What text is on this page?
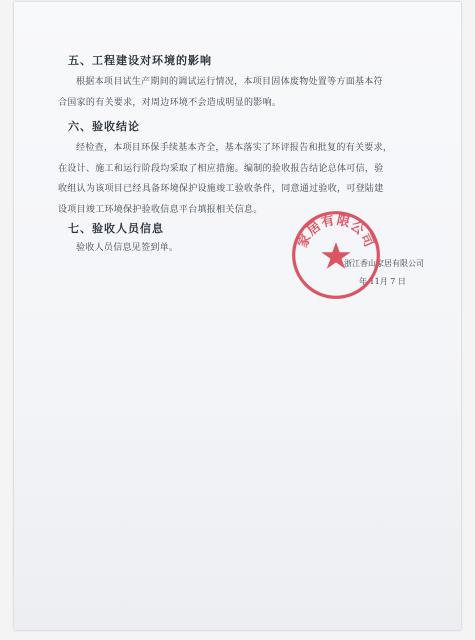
五、工程建设对环境的影响

根据本项目试生产期间的调试运行情况，本项目固体废物处置等方面基本符

合国家的有关要求，对周边环境不会造成明显的影响。

六、验收结论

经检查，本项目环保手续基本齐全，基本落实了环评报告和批复的有关要求，

在设计、施工和运行阶段均采取了相应措施。编制的验收报告结论总体可信，验

收组认为该项目已经具备环境保护设施竣工验收条件，同意通过验收，可登陆建

设项目竣工环境保护验收信息平台填报相关信息。

七、验收人员信息

验收人员信息见签到单。

浙江香山家居有限公司
年 11月 7 日
家居有限公司
